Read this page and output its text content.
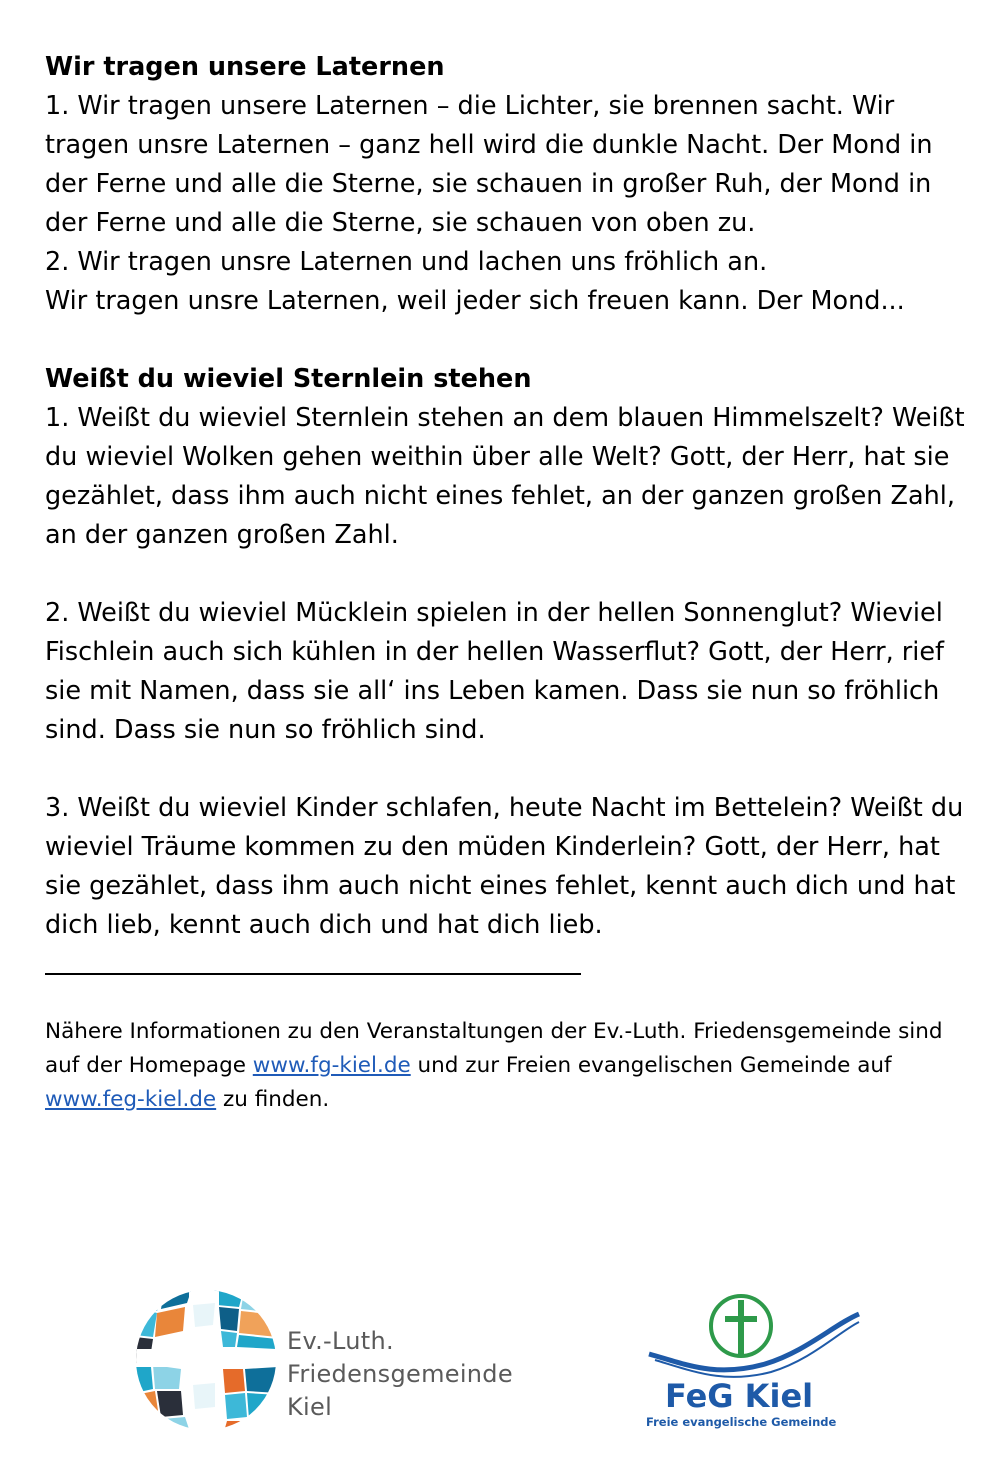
Wir tragen unsere Laternen

1. Wir tragen unsere Laternen – die Lichter, sie brennen sacht. Wir tragen unsre Laternen – ganz hell wird die dunkle Nacht. Der Mond in der Ferne und alle die Sterne, sie schauen in großer Ruh, der Mond in der Ferne und alle die Sterne, sie schauen von oben zu.

2. Wir tragen unsre Laternen und lachen uns fröhlich an.
Wir tragen unsre Laternen, weil jeder sich freuen kann. Der Mond...

Weißt du wieviel Sternlein stehen

1. Weißt du wieviel Sternlein stehen an dem blauen Himmelszelt? Weißt du wieviel Wolken gehen weithin über alle Welt? Gott, der Herr, hat sie gezählet, dass ihm auch nicht eines fehlet, an der ganzen großen Zahl, an der ganzen großen Zahl.

2. Weißt du wieviel Mücklein spielen in der hellen Sonnenglut? Wieviel Fischlein auch sich kühlen in der hellen Wasserflut? Gott, der Herr, rief sie mit Namen, dass sie all‘ ins Leben kamen. Dass sie nun so fröhlich sind. Dass sie nun so fröhlich sind.

3. Weißt du wieviel Kinder schlafen, heute Nacht im Bettelein? Weißt du wieviel Träume kommen zu den müden Kinderlein? Gott, der Herr, hat sie gezählet, dass ihm auch nicht eines fehlet, kennt auch dich und hat dich lieb, kennt auch dich und hat dich lieb.

Nähere Informationen zu den Veranstaltungen der Ev.-Luth. Friedensgemeinde sind auf der Homepage www.fg-kiel.de und zur Freien evangelischen Gemeinde auf www.feg-kiel.de zu finden.
Ev.-Luth.
Friedensgemeinde Kiel	FeG Kiel
Freie evangelische Gemeinde
